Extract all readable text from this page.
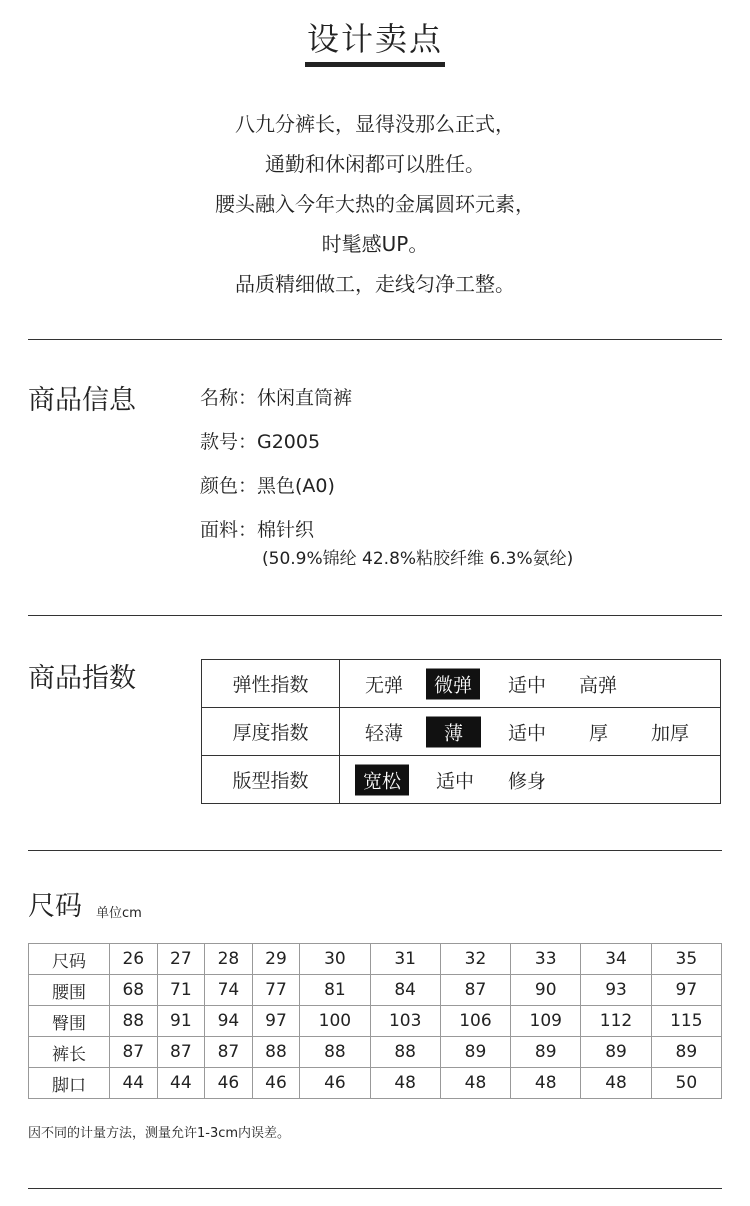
设计卖点
八九分裤长，显得没那么正式，
通勤和休闲都可以胜任。
腰头融入今年大热的金属圆环元素，
时髦感UP。
品质精细做工，走线匀净工整。
商品信息	名称：休闲直筒裤
款号：G2005
颜色：黑色(A0)
面料：棉针织
(50.9%锦纶 42.8%粘胶纤维 6.3%氨纶)
商品指数	弹性指数	无弹 微弹 适中 高弹

厚度指数	轻薄 薄 适中 厚 加厚

版型指数	宽松 适中 修身
尺码 单位cm
尺码	26	27	28	29	30	31	32	33	34	35
腰围	68	71	74	77	81	84	87	90	93	97
臀围	88	91	94	97	100	103	106	109	112	115
裤长	87	87	87	88	88	88	89	89	89	89
脚口	44	44	46	46	46	48	48	48	48	50
因不同的计量方法，测量允许1-3cm内误差。
